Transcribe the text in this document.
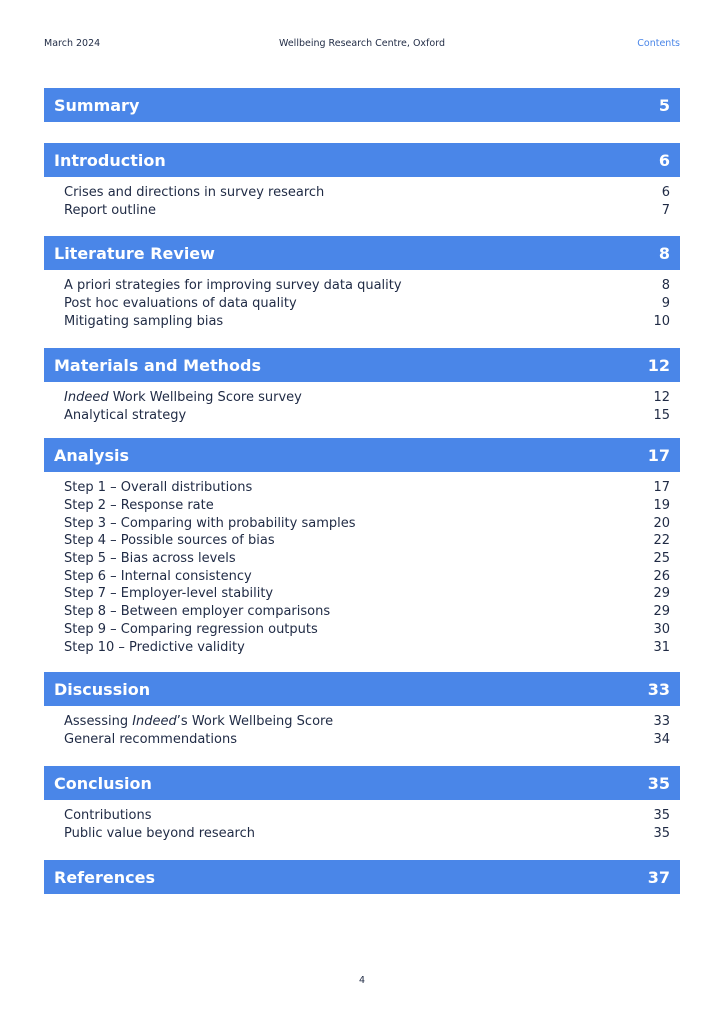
March 2024	Wellbeing Research Centre, Oxford	Contents
Summary	5
Introduction	6
Crises and directions in survey research	6
Report outline	7
Literature Review	8
A priori strategies for improving survey data quality	8
Post hoc evaluations of data quality	9
Mitigating sampling bias	10
Materials and Methods	12
Indeed Work Wellbeing Score survey	12
Analytical strategy	15
Analysis	17
Step 1 – Overall distributions	17
Step 2 – Response rate	19
Step 3 – Comparing with probability samples	20
Step 4 – Possible sources of bias	22
Step 5 – Bias across levels	25
Step 6 – Internal consistency	26
Step 7 – Employer-level stability	29
Step 8 – Between employer comparisons	29
Step 9 – Comparing regression outputs	30
Step 10 – Predictive validity	31
Discussion	33
Assessing Indeed’s Work Wellbeing Score	33
General recommendations	34
Conclusion	35
Contributions	35
Public value beyond research	35
References	37
4
